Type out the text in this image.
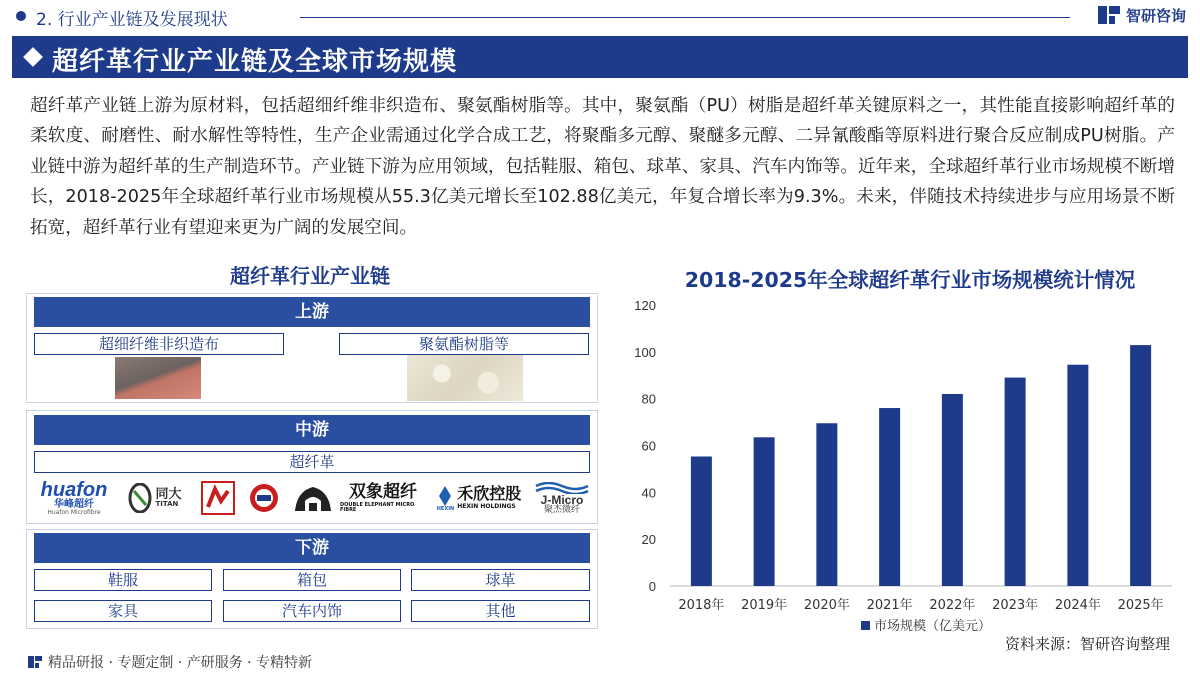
2. 行业产业链及发展现状	智研咨询
超纤革行业产业链及全球市场规模
超纤革产业链上游为原材料，包括超细纤维非织造布、聚氨酯树脂等。其中，聚氨酯（PU）树脂是超纤革关键原料之一，其性能直接影响超纤革的柔软度、耐磨性、耐水解性等特性，生产企业需通过化学合成工艺，将聚酯多元醇、聚醚多元醇、二异氰酸酯等原料进行聚合反应制成PU树脂。产业链中游为超纤革的生产制造环节。产业链下游为应用领域，包括鞋服、箱包、球革、家具、汽车内饰等。近年来，全球超纤革行业市场规模不断增长，2018-2025年全球超纤革行业市场规模从55.3亿美元增长至102.88亿美元，年复合增长率为9.3%。未来，伴随技术持续进步与应用场景不断拓宽，超纤革行业有望迎来更为广阔的发展空间。
超纤革行业产业链
上游
超细纤维非织造布	聚氨酯树脂等
中游
超纤革
huafon
华峰超纤
Huafon Microfibre
同大
TITAN
双象超纤
DOUBLE ELEPHANT MICRO FIBRE	HEXIN
禾欣控股
HEXIN HOLDINGS	J-Micro
聚杰微纤
下游
鞋服	箱包	球革
家具	汽车内饰	其他
2018-2025年全球超纤革行业市场规模统计情况
0
20
40
60
80
100
120
2018年 2019年 2020年 2021年 2022年 2023年 2024年 2025年
市场规模（亿美元）
资料来源：智研咨询整理
精品研报 · 专题定制 · 产研服务 · 专精特新
